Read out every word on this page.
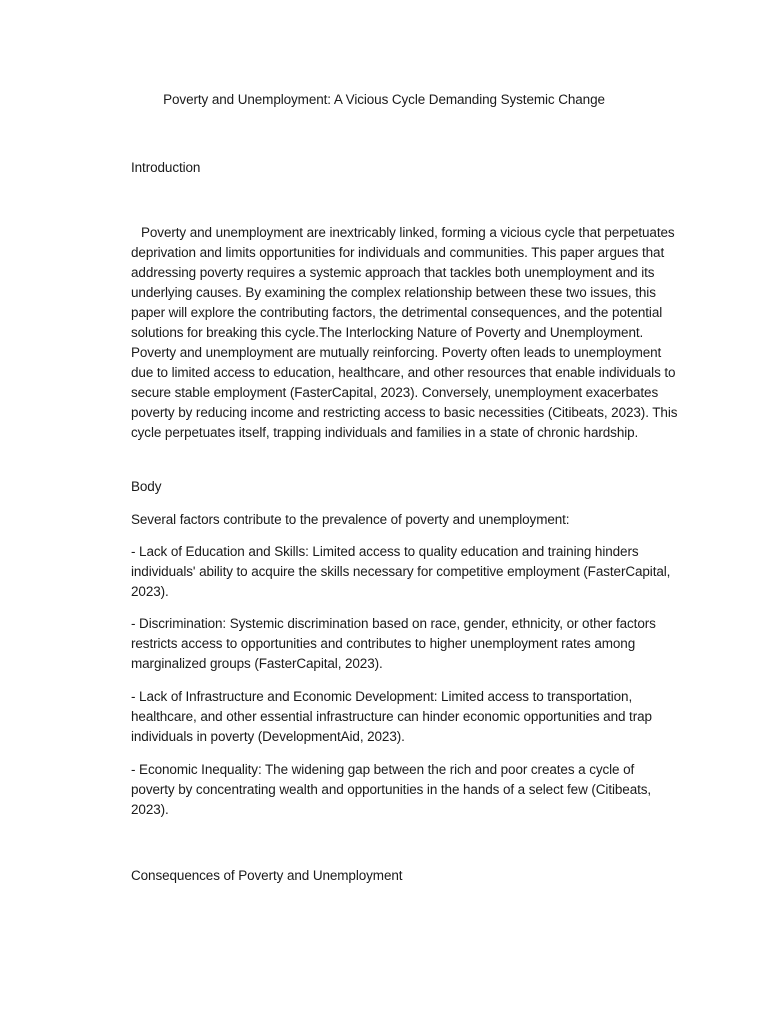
Poverty and Unemployment: A Vicious Cycle Demanding Systemic Change
Introduction
Poverty and unemployment are inextricably linked, forming a vicious cycle that perpetuates deprivation and limits opportunities for individuals and communities. This paper argues that addressing poverty requires a systemic approach that tackles both unemployment and its underlying causes. By examining the complex relationship between these two issues, this paper will explore the contributing factors, the detrimental consequences, and the potential solutions for breaking this cycle.The Interlocking Nature of Poverty and Unemployment. Poverty and unemployment are mutually reinforcing. Poverty often leads to unemployment due to limited access to education, healthcare, and other resources that enable individuals to secure stable employment (FasterCapital, 2023). Conversely, unemployment exacerbates poverty by reducing income and restricting access to basic necessities (Citibeats, 2023). This cycle perpetuates itself, trapping individuals and families in a state of chronic hardship.
Body
Several factors contribute to the prevalence of poverty and unemployment:
- Lack of Education and Skills: Limited access to quality education and training hinders individuals' ability to acquire the skills necessary for competitive employment (FasterCapital, 2023).
- Discrimination: Systemic discrimination based on race, gender, ethnicity, or other factors restricts access to opportunities and contributes to higher unemployment rates among marginalized groups (FasterCapital, 2023).
- Lack of Infrastructure and Economic Development: Limited access to transportation, healthcare, and other essential infrastructure can hinder economic opportunities and trap individuals in poverty (DevelopmentAid, 2023).
- Economic Inequality: The widening gap between the rich and poor creates a cycle of poverty by concentrating wealth and opportunities in the hands of a select few (Citibeats, 2023).
Consequences of Poverty and Unemployment
